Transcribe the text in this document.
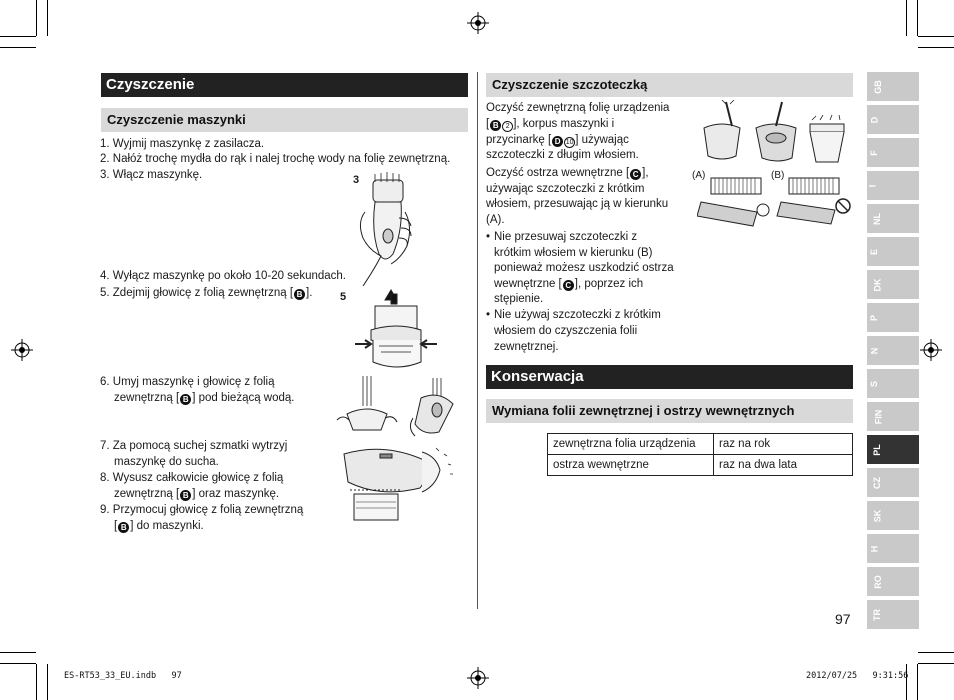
Czyszczenie
Czyszczenie maszynki
1. Wyjmij maszynkę z zasilacza.
2. Nałóż trochę mydła do rąk i nalej trochę wody na folię zewnętrzną.
3. Włącz maszynkę.	3
4. Wyłącz maszynkę po około 10-20 sekundach.
5. Zdejmij głowicę z folią zewnętrzną [ B ].	5
6. Umyj maszynkę i głowicę z folią
zewnętrzną [ B ] pod bieżącą wodą.
7. Za pomocą suchej szmatki wytrzyj
maszynkę do sucha.
8. Wysusz całkowicie głowicę z folią
zewnętrzną [ B ] oraz maszynkę.
9. Przymocuj głowicę z folią zewnętrzną
[ B ] do maszynki.
Czyszczenie szczoteczką
Oczyść zewnętrzną folię urządzenia
[ B 2 ], korpus maszynki i
przycinarkę [ D 10 ] używając
szczoteczki z długim włosiem.
Oczyść ostrza wewnętrzne [ C ],
używając szczoteczki z krótkim
włosiem, przesuwając ją w kierunku
(A).
• Nie przesuwaj szczoteczki z
krótkim włosiem w kierunku (B)
ponieważ możesz uszkodzić ostrza
wewnętrzne [ C ], poprzez ich
stępienie.
• Nie używaj szczoteczki z krótkim
włosiem do czyszczenia folii
zewnętrznej.
(A)	(B)
Konserwacja
Wymiana folii zewnętrznej i ostrzy wewnętrznych
zewnętrzna folia urządzenia	raz na rok
ostrza wewnętrzne	raz na dwa lata
GB
D
F
I
NL
E
DK
P
N
S
FIN
PL
CZ
SK
H
RO
TR
97
ES-RT53_33_EU.indb   97	2012/07/25   9:31:56
